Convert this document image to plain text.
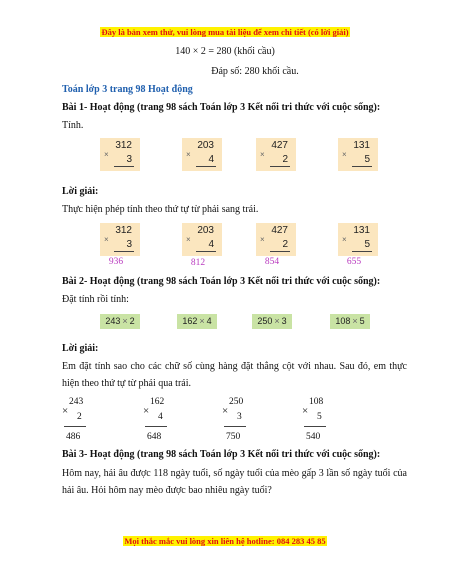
Đây là bản xem thử, vui lòng mua tài liệu để xem chi tiết (có lời giải)
140 × 2 = 280 (khối cầu)
Đáp số: 280 khối cầu.
Toán lớp 3 trang 98 Hoạt động
Bài 1- Hoạt động (trang 98 sách Toán lớp 3 Kết nối tri thức với cuộc sống):
Tính.
312
× 3
203
× 4
427
× 2
131
× 5
Lời giải:
Thực hiện phép tính theo thứ tự từ phải sang trái.
312
× 3
203
× 4
427
× 2
131
× 5
936	812	854	655
Bài 2- Hoạt động (trang 98 sách Toán lớp 3 Kết nối tri thức với cuộc sống):
Đặt tính rồi tính:
243 × 2	162 × 4	250 × 3	108 × 5
Lời giải:
Em đặt tính sao cho các chữ số cùng hàng đặt thẳng cột với nhau. Sau đó, em thực hiện theo thứ tự từ phải qua trái.
243
× 2
486
162
× 4
648
250
× 3
750
108
× 5
540
Bài 3- Hoạt động (trang 98 sách Toán lớp 3 Kết nối tri thức với cuộc sống):
Hôm nay, hải âu được 118 ngày tuổi, số ngày tuổi của mèo gấp 3 lần số ngày tuổi của hải âu. Hỏi hôm nay mèo được bao nhiêu ngày tuổi?
Mọi thắc mắc vui lòng xin liên hệ hotline: 084 283 45 85
